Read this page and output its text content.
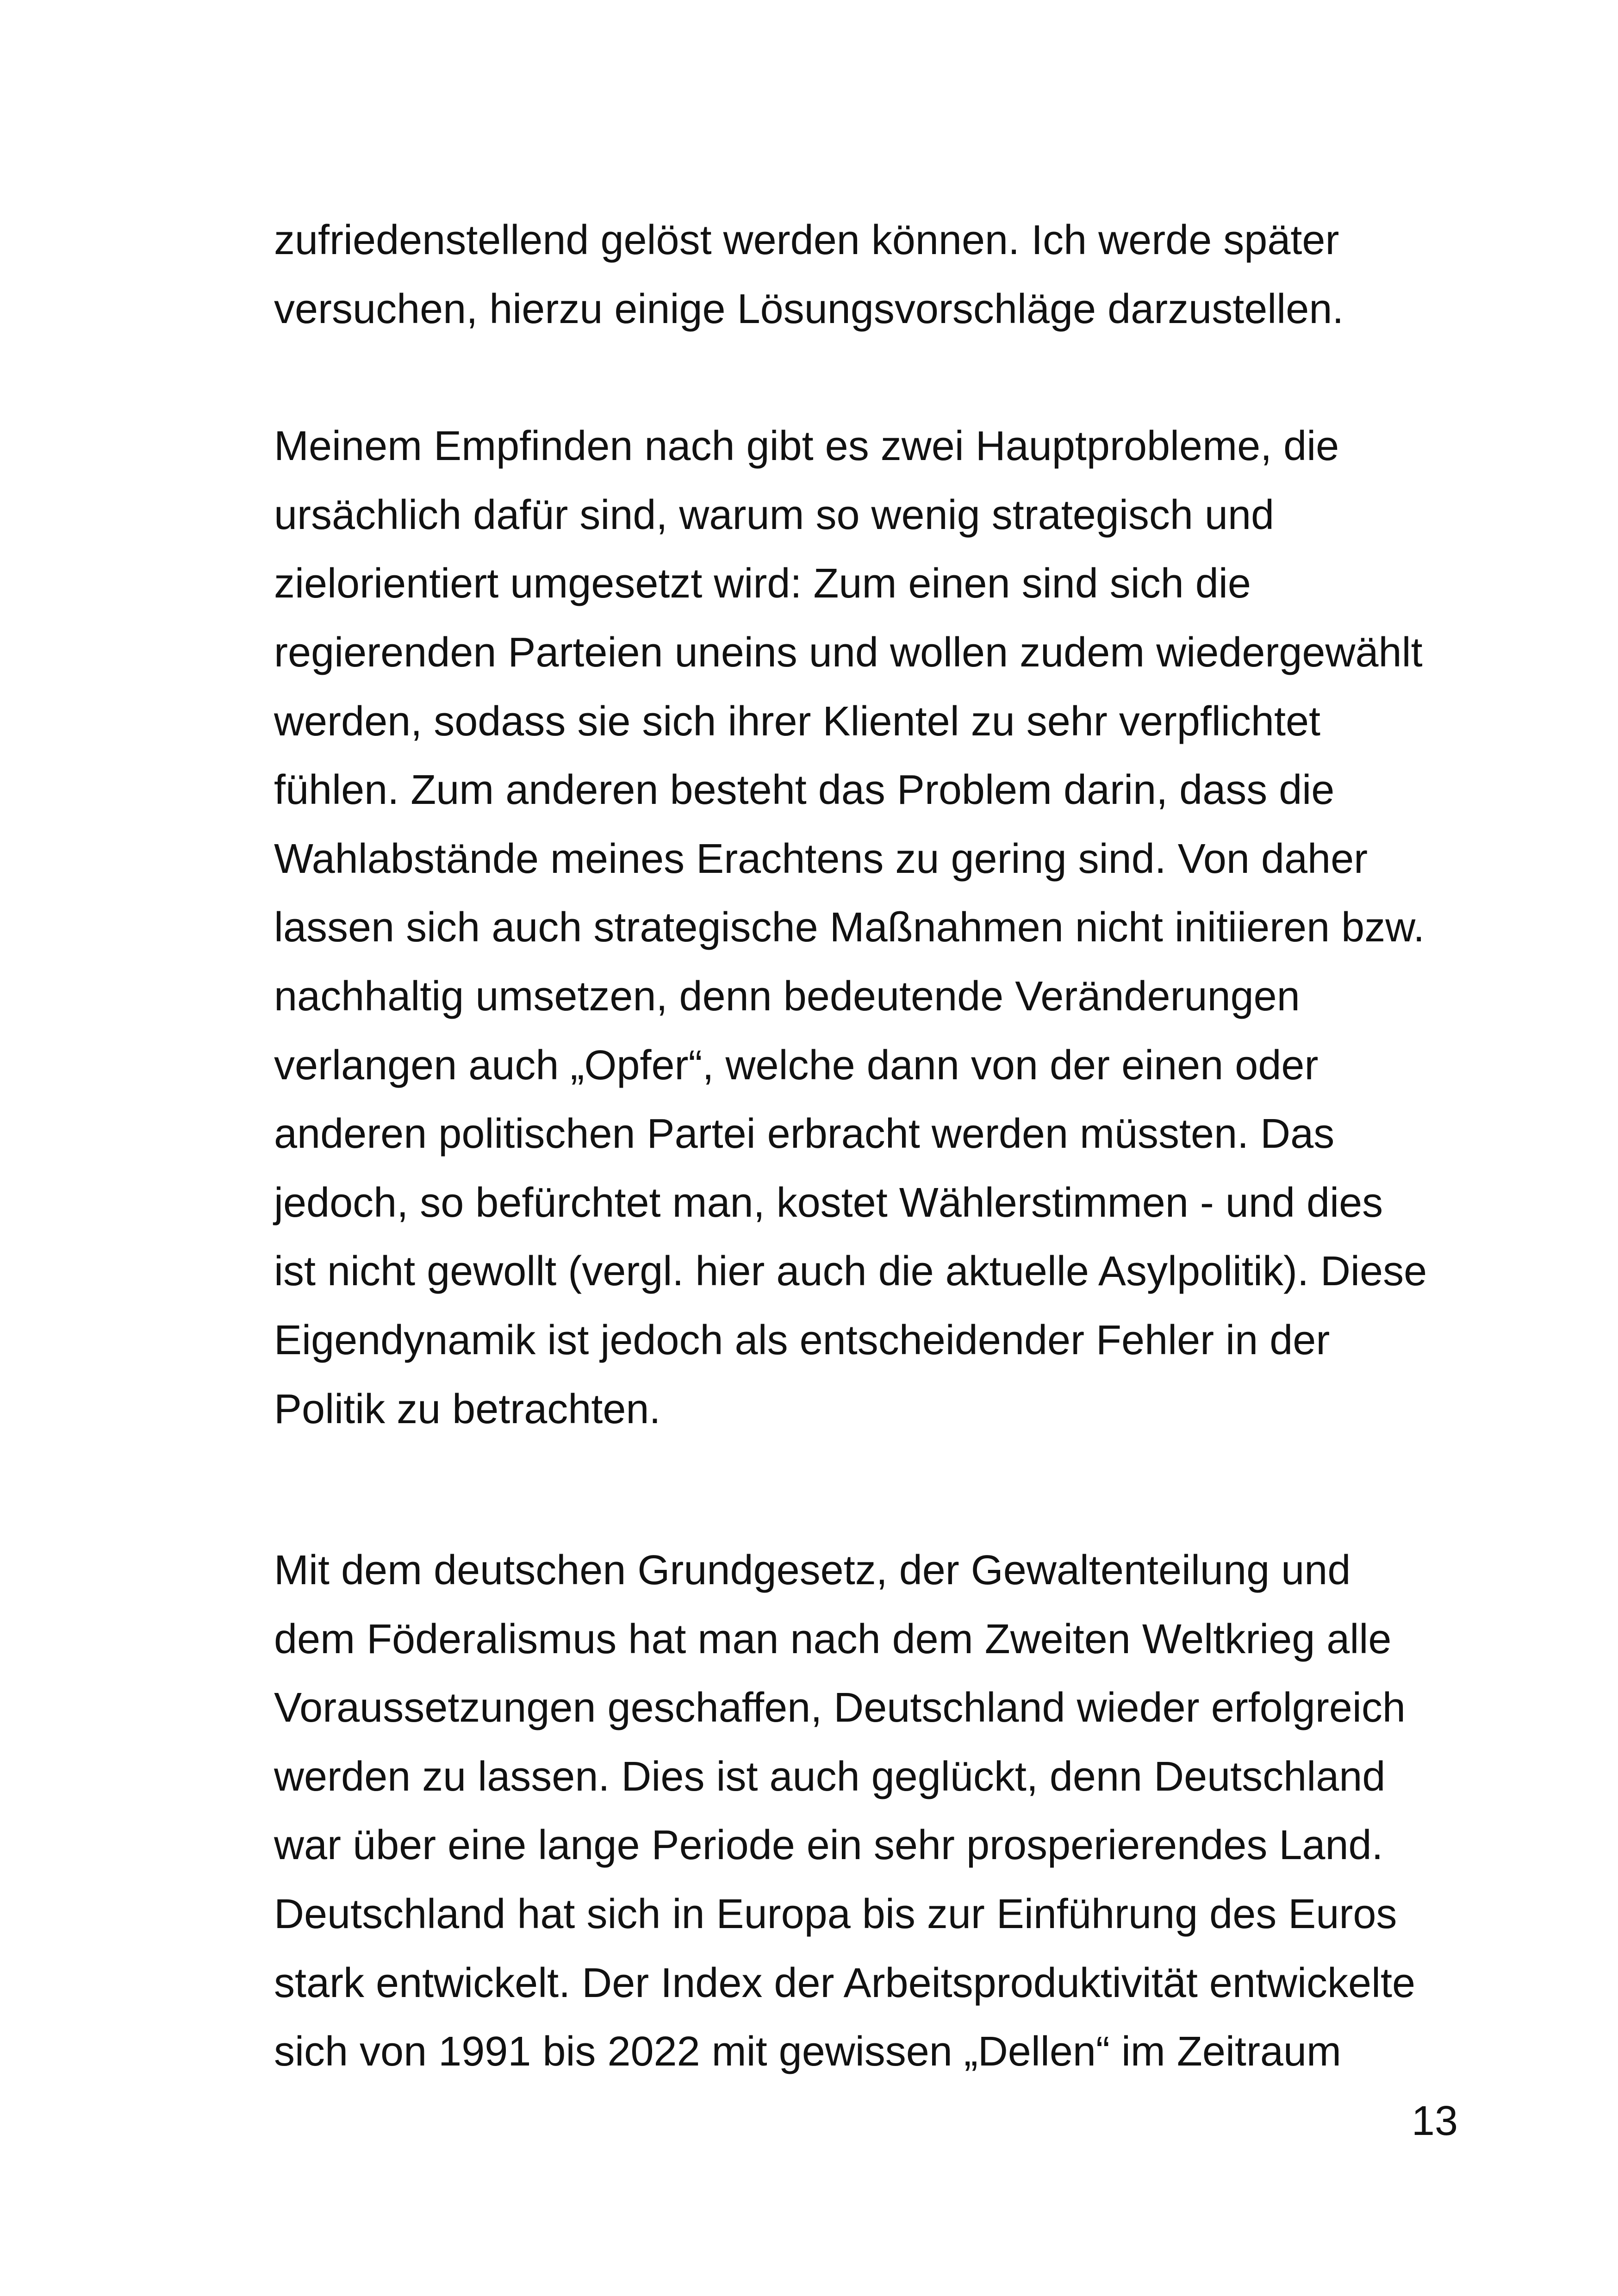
zufriedenstellend gelöst werden können. Ich werde später
versuchen, hierzu einige Lösungsvorschläge darzustellen.
Meinem Empfinden nach gibt es zwei Hauptprobleme, die
ursächlich dafür sind, warum so wenig strategisch und
zielorientiert umgesetzt wird: Zum einen sind sich die
regierenden Parteien uneins und wollen zudem wiedergewählt
werden, sodass sie sich ihrer Klientel zu sehr verpflichtet
fühlen. Zum anderen besteht das Problem darin, dass die
Wahlabstände meines Erachtens zu gering sind. Von daher
lassen sich auch strategische Maßnahmen nicht initiieren bzw.
nachhaltig umsetzen, denn bedeutende Veränderungen
verlangen auch „Opfer“, welche dann von der einen oder
anderen politischen Partei erbracht werden müssten. Das
jedoch, so befürchtet man, kostet Wählerstimmen - und dies
ist nicht gewollt (vergl. hier auch die aktuelle Asylpolitik). Diese
Eigendynamik ist jedoch als entscheidender Fehler in der
Politik zu betrachten.
Mit dem deutschen Grundgesetz, der Gewaltenteilung und
dem Föderalismus hat man nach dem Zweiten Weltkrieg alle
Voraussetzungen geschaffen, Deutschland wieder erfolgreich
werden zu lassen. Dies ist auch geglückt, denn Deutschland
war über eine lange Periode ein sehr prosperierendes Land.
Deutschland hat sich in Europa bis zur Einführung des Euros
stark entwickelt. Der Index der Arbeitsproduktivität entwickelte
sich von 1991 bis 2022 mit gewissen „Dellen“ im Zeitraum
13
